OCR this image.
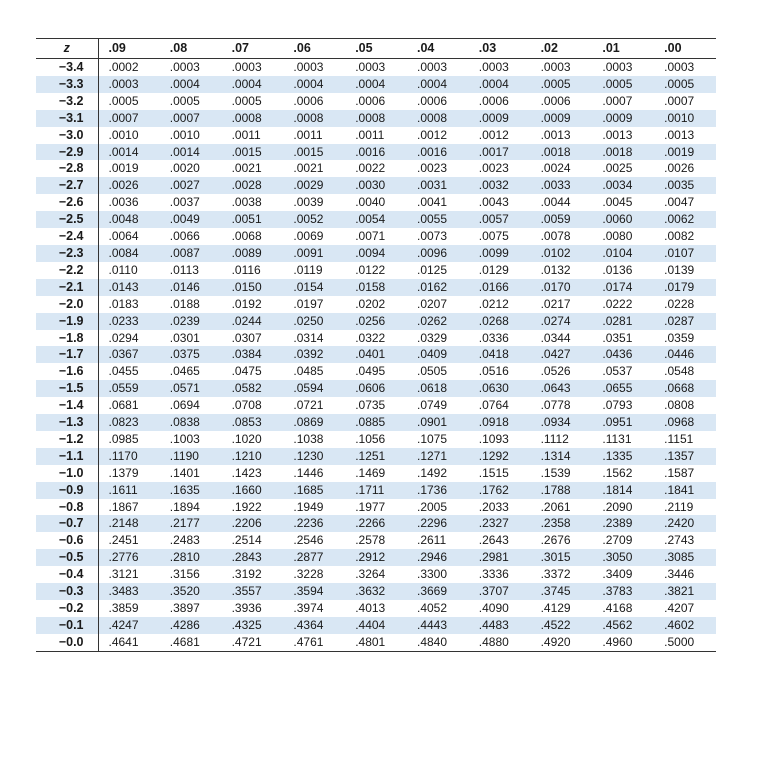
z	.09	.08	.07	.06	.05	.04	.03	.02	.01	.00
−3.4	.0002	.0003	.0003	.0003	.0003	.0003	.0003	.0003	.0003	.0003
−3.3	.0003	.0004	.0004	.0004	.0004	.0004	.0004	.0005	.0005	.0005
−3.2	.0005	.0005	.0005	.0006	.0006	.0006	.0006	.0006	.0007	.0007
−3.1	.0007	.0007	.0008	.0008	.0008	.0008	.0009	.0009	.0009	.0010
−3.0	.0010	.0010	.0011	.0011	.0011	.0012	.0012	.0013	.0013	.0013
−2.9	.0014	.0014	.0015	.0015	.0016	.0016	.0017	.0018	.0018	.0019
−2.8	.0019	.0020	.0021	.0021	.0022	.0023	.0023	.0024	.0025	.0026
−2.7	.0026	.0027	.0028	.0029	.0030	.0031	.0032	.0033	.0034	.0035
−2.6	.0036	.0037	.0038	.0039	.0040	.0041	.0043	.0044	.0045	.0047
−2.5	.0048	.0049	.0051	.0052	.0054	.0055	.0057	.0059	.0060	.0062
−2.4	.0064	.0066	.0068	.0069	.0071	.0073	.0075	.0078	.0080	.0082
−2.3	.0084	.0087	.0089	.0091	.0094	.0096	.0099	.0102	.0104	.0107
−2.2	.0110	.0113	.0116	.0119	.0122	.0125	.0129	.0132	.0136	.0139
−2.1	.0143	.0146	.0150	.0154	.0158	.0162	.0166	.0170	.0174	.0179
−2.0	.0183	.0188	.0192	.0197	.0202	.0207	.0212	.0217	.0222	.0228
−1.9	.0233	.0239	.0244	.0250	.0256	.0262	.0268	.0274	.0281	.0287
−1.8	.0294	.0301	.0307	.0314	.0322	.0329	.0336	.0344	.0351	.0359
−1.7	.0367	.0375	.0384	.0392	.0401	.0409	.0418	.0427	.0436	.0446
−1.6	.0455	.0465	.0475	.0485	.0495	.0505	.0516	.0526	.0537	.0548
−1.5	.0559	.0571	.0582	.0594	.0606	.0618	.0630	.0643	.0655	.0668
−1.4	.0681	.0694	.0708	.0721	.0735	.0749	.0764	.0778	.0793	.0808
−1.3	.0823	.0838	.0853	.0869	.0885	.0901	.0918	.0934	.0951	.0968
−1.2	.0985	.1003	.1020	.1038	.1056	.1075	.1093	.1112	.1131	.1151
−1.1	.1170	.1190	.1210	.1230	.1251	.1271	.1292	.1314	.1335	.1357
−1.0	.1379	.1401	.1423	.1446	.1469	.1492	.1515	.1539	.1562	.1587
−0.9	.1611	.1635	.1660	.1685	.1711	.1736	.1762	.1788	.1814	.1841
−0.8	.1867	.1894	.1922	.1949	.1977	.2005	.2033	.2061	.2090	.2119
−0.7	.2148	.2177	.2206	.2236	.2266	.2296	.2327	.2358	.2389	.2420
−0.6	.2451	.2483	.2514	.2546	.2578	.2611	.2643	.2676	.2709	.2743
−0.5	.2776	.2810	.2843	.2877	.2912	.2946	.2981	.3015	.3050	.3085
−0.4	.3121	.3156	.3192	.3228	.3264	.3300	.3336	.3372	.3409	.3446
−0.3	.3483	.3520	.3557	.3594	.3632	.3669	.3707	.3745	.3783	.3821
−0.2	.3859	.3897	.3936	.3974	.4013	.4052	.4090	.4129	.4168	.4207
−0.1	.4247	.4286	.4325	.4364	.4404	.4443	.4483	.4522	.4562	.4602
−0.0	.4641	.4681	.4721	.4761	.4801	.4840	.4880	.4920	.4960	.5000
